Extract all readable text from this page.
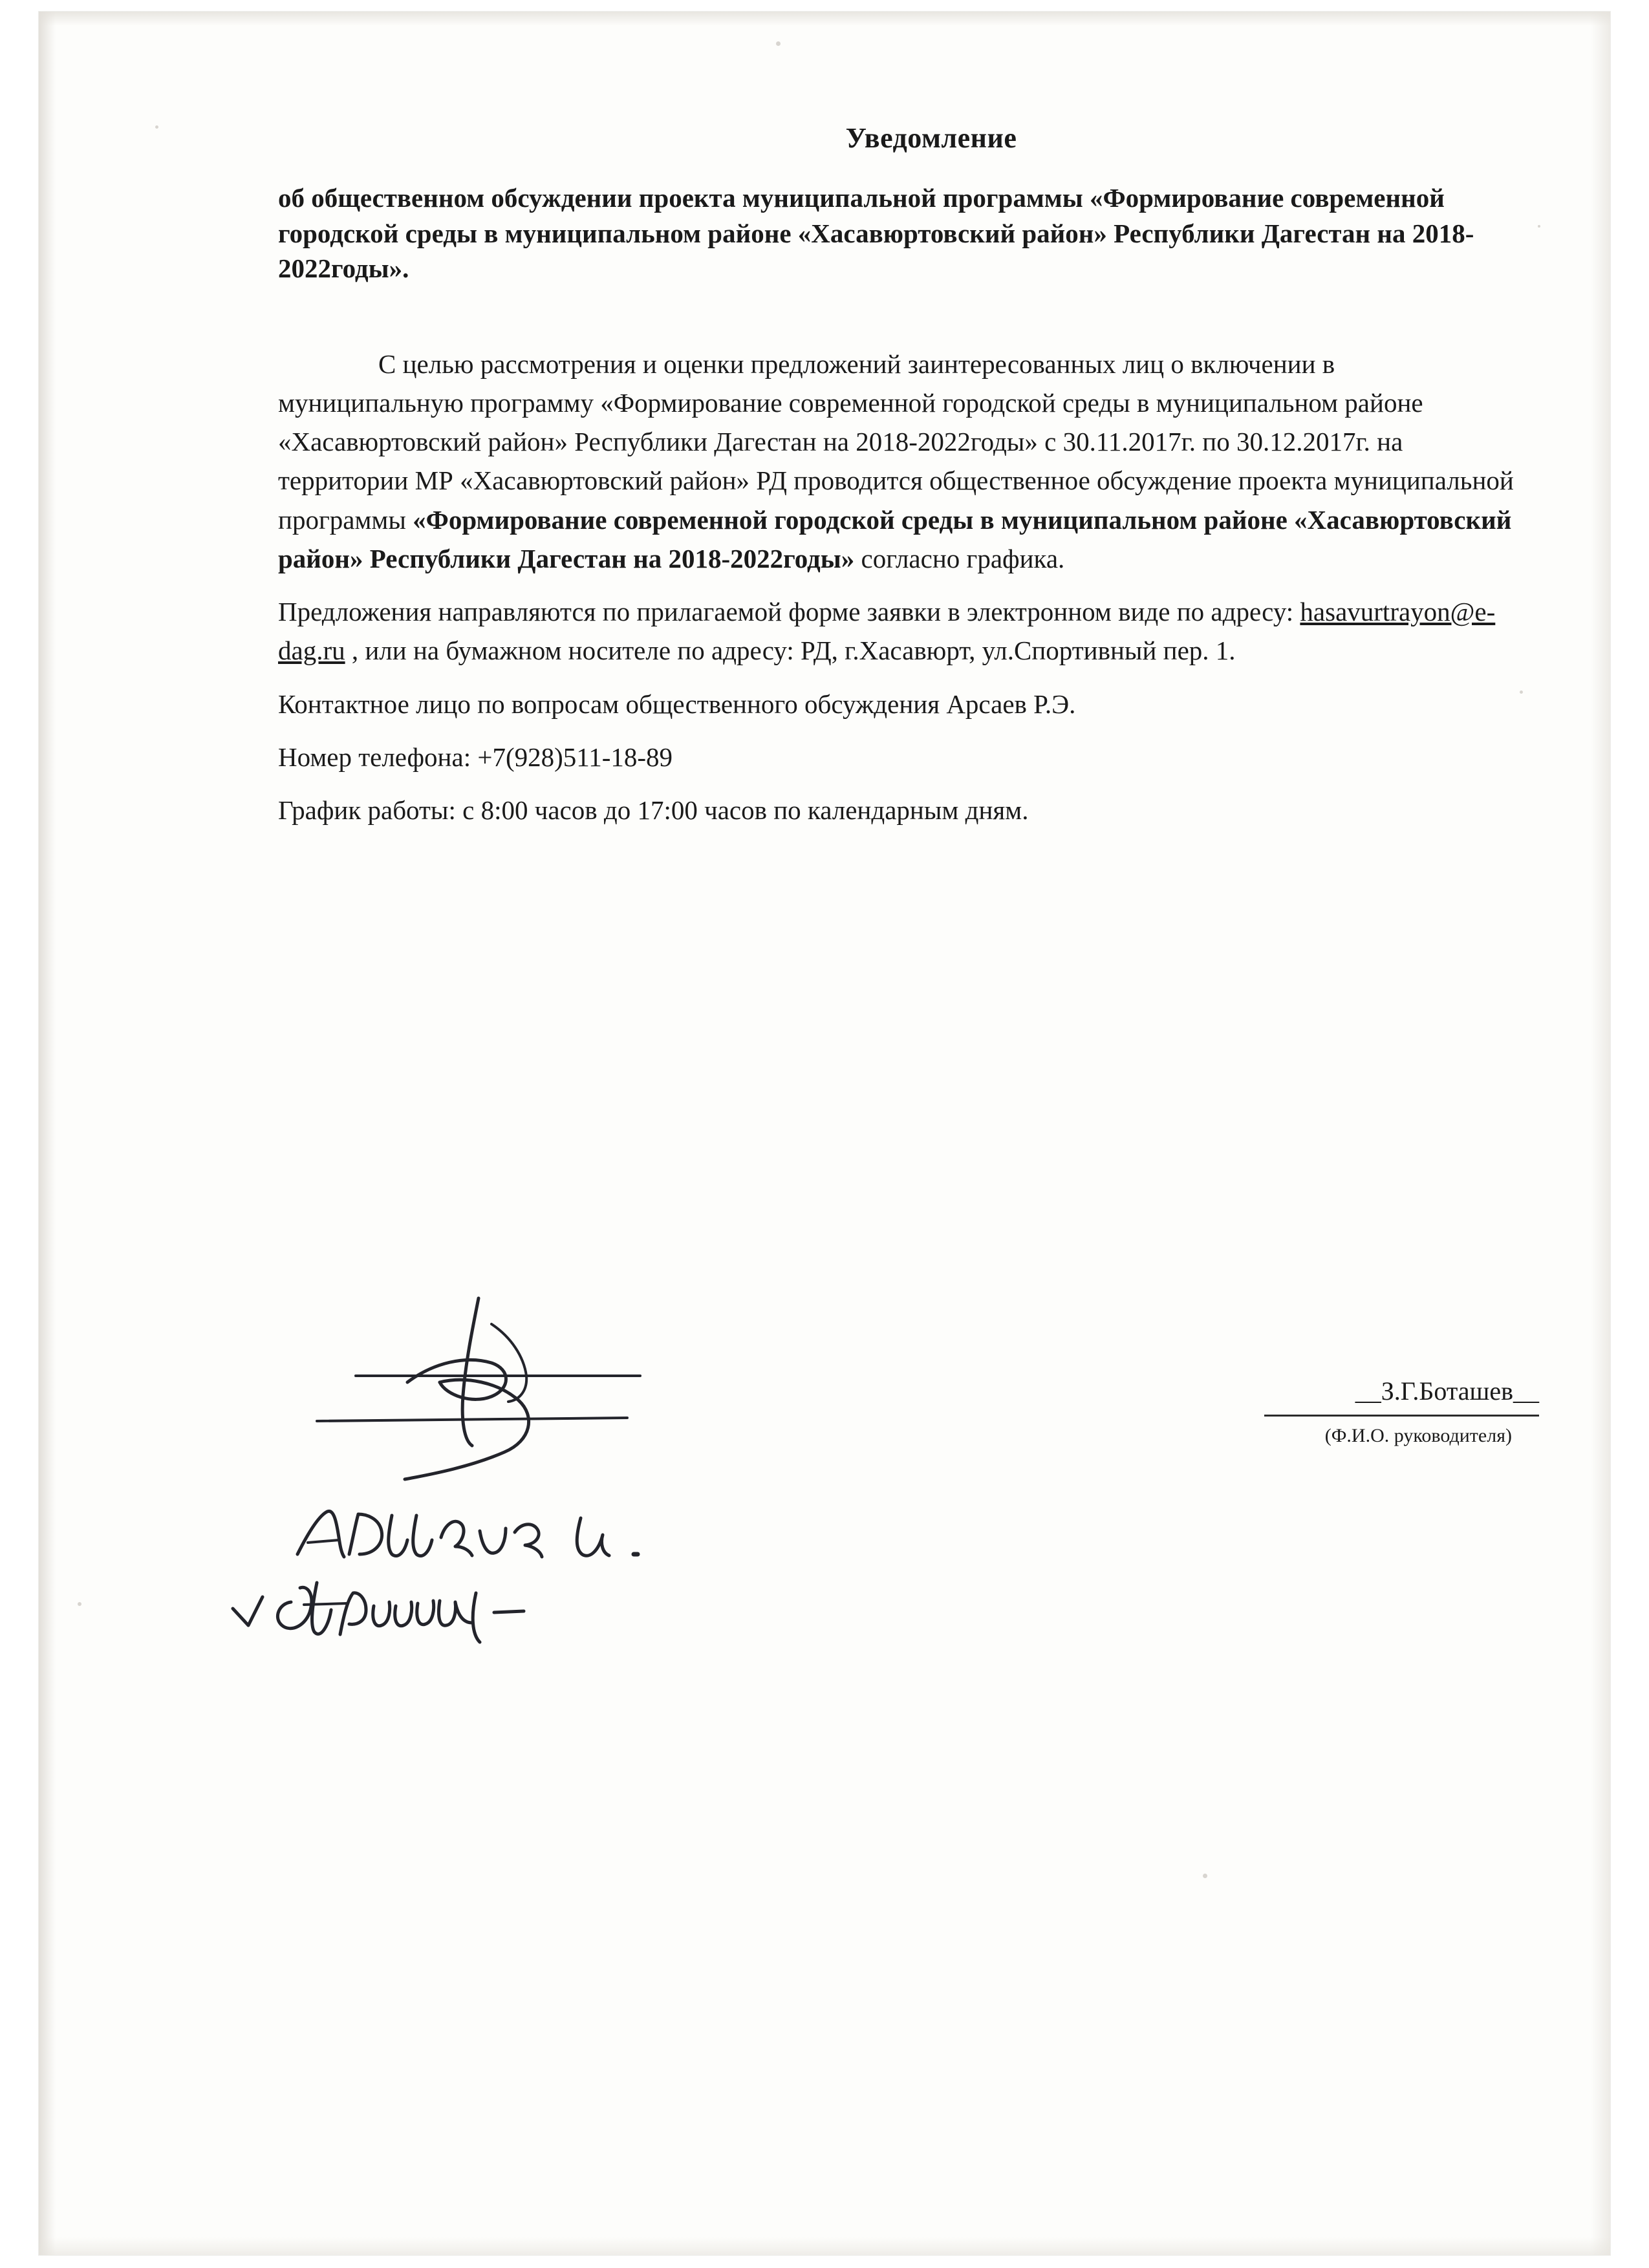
Уведомление

об общественном обсуждении проекта муниципальной программы «Формирование современной городской среды в муниципальном районе «Хасавюртовский район» Республики Дагестан на 2018-2022годы».

С целью рассмотрения и оценки предложений заинтересованных лиц о включении в муниципальную программу «Формирование современной городской среды в муниципальном районе «Хасавюртовский район» Республики Дагестан на 2018-2022годы» с 30.11.2017г. по 30.12.2017г. на территории МР «Хасавюртовский район» РД проводится общественное обсуждение проекта муниципальной программы «Формирование современной городской среды в муниципальном районе «Хасавюртовский район» Республики Дагестан на 2018-2022годы» согласно графика.

Предложения направляются по прилагаемой форме заявки в электронном виде по адресу: hasavurtrayon@e-dag.ru , или на бумажном носителе по адресу: РД, г.Хасавюрт, ул.Спортивный пер. 1.

Контактное лицо по вопросам общественного обсуждения Арсаев Р.Э.

Номер телефона: +7(928)511-18-89

График работы: с 8:00 часов до 17:00 часов по календарным дням.

__З.Г.Боташев__
(Ф.И.О. руководителя)
